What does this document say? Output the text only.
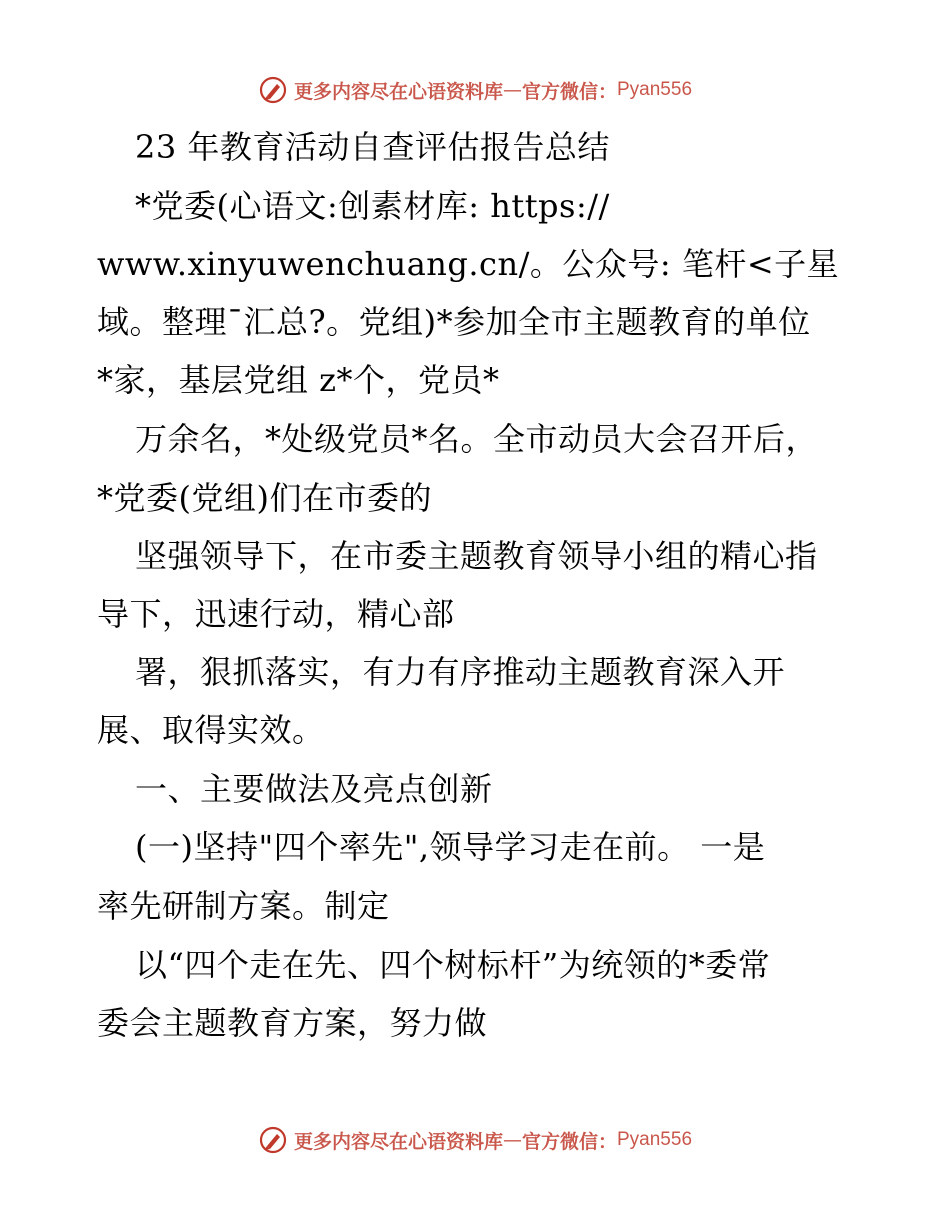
更多内容尽在心语资料库 — 官方微信： Pyan556
23 年教育活动自查评估报告总结
*党委(心语文:创素材库: https://
www.xinyuwenchuang.cn/。公众号: 笔杆<子星
域。整理¯汇总?。党组)*参加全市主题教育的单位
*家，基层党组 z*个，党员*
万余名，*处级党员*名。全市动员大会召开后，
*党委(党组)们在市委的
坚强领导下，在市委主题教育领导小组的精心指
导下，迅速行动，精心部
署，狠抓落实，有力有序推动主题教育深入开
展、取得实效。
一、主要做法及亮点创新
(一)坚持"四个率先",领导学习走在前。 一是
率先研制方案。制定
以“四个走在先、四个树标杆”为统领的*委常
委会主题教育方案，努力做
更多内容尽在心语资料库 — 官方微信： Pyan556
